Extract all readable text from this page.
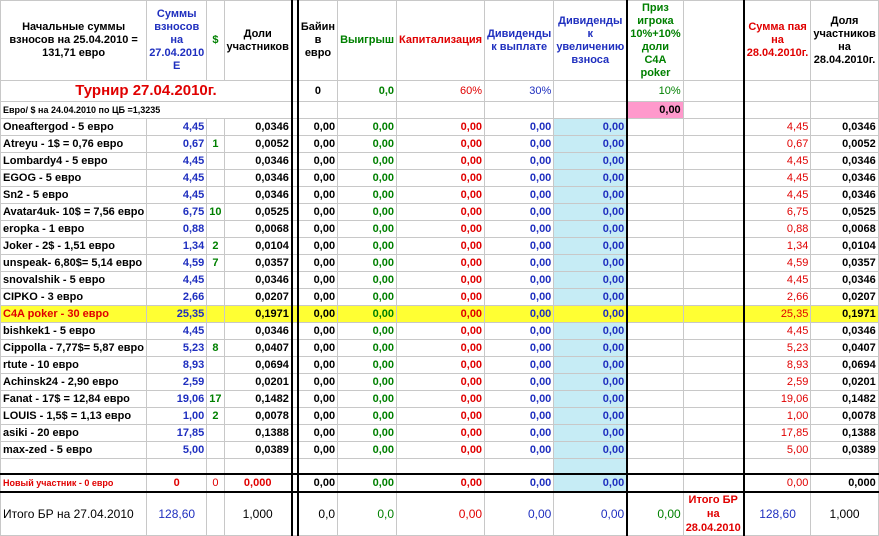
Начальные суммы взносов на 25.04.2010 = 131,71 евро	Суммы взносов на 27.04.2010 Е	$	Доли участников		Байин в евро	Выигрыш	Капитализация	Дивиденды к выплате	Дивиденды к увеличению взноса	Приз игрока 10%+10% доли C4A poker		Сумма пая на 28.04.2010г.	Доля участников на 28.04.2010г.
Турнир 27.04.2010г.					0	0,0	60%	30%		10%			
Евро/ $ на 24.04.2010 по ЦБ =1,3235										0,00			
Oneaftergod - 5 евро	4,45		0,0346		0,00	0,00	0,00	0,00	0,00			4,45	0,0346
Atreyu - 1$ = 0,76 евро	0,67	1	0,0052		0,00	0,00	0,00	0,00	0,00			0,67	0,0052
Lombardy4 - 5 евро	4,45		0,0346		0,00	0,00	0,00	0,00	0,00			4,45	0,0346
EGOG - 5 евро	4,45		0,0346		0,00	0,00	0,00	0,00	0,00			4,45	0,0346
Sn2 - 5 евро	4,45		0,0346		0,00	0,00	0,00	0,00	0,00			4,45	0,0346
Avatar4uk- 10$ = 7,56 евро	6,75	10	0,0525		0,00	0,00	0,00	0,00	0,00			6,75	0,0525
eropka - 1 евро	0,88		0,0068		0,00	0,00	0,00	0,00	0,00			0,88	0,0068
Joker - 2$ - 1,51 евро	1,34	2	0,0104		0,00	0,00	0,00	0,00	0,00			1,34	0,0104
unspeak- 6,80$= 5,14 евро	4,59	7	0,0357		0,00	0,00	0,00	0,00	0,00			4,59	0,0357
snovalshik - 5 евро	4,45		0,0346		0,00	0,00	0,00	0,00	0,00			4,45	0,0346
CIPKO - 3 евро	2,66		0,0207		0,00	0,00	0,00	0,00	0,00			2,66	0,0207
C4A poker - 30 евро	25,35		0,1971		0,00	0,00	0,00	0,00	0,00			25,35	0,1971
bishkek1 - 5 евро	4,45		0,0346		0,00	0,00	0,00	0,00	0,00			4,45	0,0346
Cippolla - 7,77$= 5,87 евро	5,23	8	0,0407		0,00	0,00	0,00	0,00	0,00			5,23	0,0407
rtute - 10 евро	8,93		0,0694		0,00	0,00	0,00	0,00	0,00			8,93	0,0694
Achinsk24 - 2,90 евро	2,59		0,0201		0,00	0,00	0,00	0,00	0,00			2,59	0,0201
Fanat - 17$ = 12,84 евро	19,06	17	0,1482		0,00	0,00	0,00	0,00	0,00			19,06	0,1482
LOUIS - 1,5$ = 1,13 евро	1,00	2	0,0078		0,00	0,00	0,00	0,00	0,00			1,00	0,0078
asiki - 20 евро	17,85		0,1388		0,00	0,00	0,00	0,00	0,00			17,85	0,1388
max-zed - 5 евро	5,00		0,0389		0,00	0,00	0,00	0,00	0,00			5,00	0,0389

Новый участник - 0 евро	0	0	0,000		0,00	0,00	0,00	0,00	0,00			0,00	0,000
Итого БР на 27.04.2010	128,60		1,000		0,0	0,0	0,00	0,00	0,00	0,00	Итого БР на 28.04.2010	128,60	1,000
